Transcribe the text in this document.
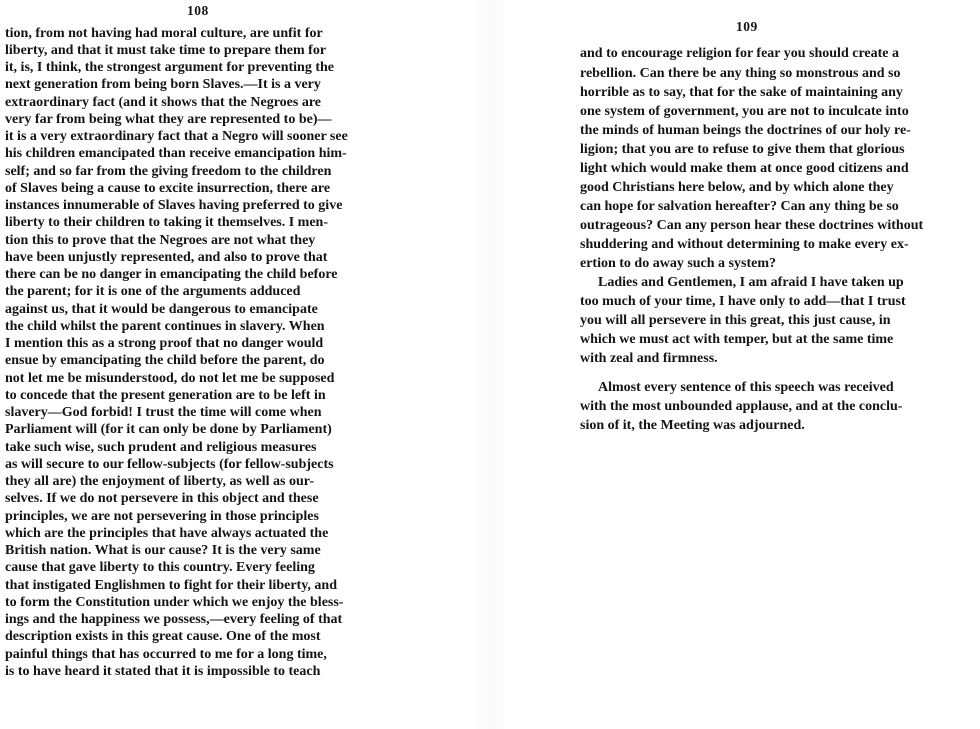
108
tion, from not having had moral culture, are unfit for
liberty, and that it must take time to prepare them for
it, is, I think, the strongest argument for preventing the
next generation from being born Slaves.—It is a very
extraordinary fact (and it shows that the Negroes are
very far from being what they are represented to be)—
it is a very extraordinary fact that a Negro will sooner see
his children emancipated than receive emancipation him-
self; and so far from the giving freedom to the children
of Slaves being a cause to excite insurrection, there are
instances innumerable of Slaves having preferred to give
liberty to their children to taking it themselves. I men-
tion this to prove that the Negroes are not what they
have been unjustly represented, and also to prove that
there can be no danger in emancipating the child before
the parent; for it is one of the arguments adduced
against us, that it would be dangerous to emancipate
the child whilst the parent continues in slavery. When
I mention this as a strong proof that no danger would
ensue by emancipating the child before the parent, do
not let me be misunderstood, do not let me be supposed
to concede that the present generation are to be left in
slavery—God forbid! I trust the time will come when
Parliament will (for it can only be done by Parliament)
take such wise, such prudent and religious measures
as will secure to our fellow-subjects (for fellow-subjects
they all are) the enjoyment of liberty, as well as our-
selves. If we do not persevere in this object and these
principles, we are not persevering in those principles
which are the principles that have always actuated the
British nation. What is our cause? It is the very same
cause that gave liberty to this country. Every feeling
that instigated Englishmen to fight for their liberty, and
to form the Constitution under which we enjoy the bless-
ings and the happiness we possess,—every feeling of that
description exists in this great cause. One of the most
painful things that has occurred to me for a long time,
is to have heard it stated that it is impossible to teach
109
and to encourage religion for fear you should create a
rebellion. Can there be any thing so monstrous and so
horrible as to say, that for the sake of maintaining any
one system of government, you are not to inculcate into
the minds of human beings the doctrines of our holy re-
ligion; that you are to refuse to give them that glorious
light which would make them at once good citizens and
good Christians here below, and by which alone they
can hope for salvation hereafter? Can any thing be so
outrageous? Can any person hear these doctrines without
shuddering and without determining to make every ex-
ertion to do away such a system?
Ladies and Gentlemen, I am afraid I have taken up
too much of your time, I have only to add—that I trust
you will all persevere in this great, this just cause, in
which we must act with temper, but at the same time
with zeal and firmness.
Almost every sentence of this speech was received
with the most unbounded applause, and at the conclu-
sion of it, the Meeting was adjourned.
